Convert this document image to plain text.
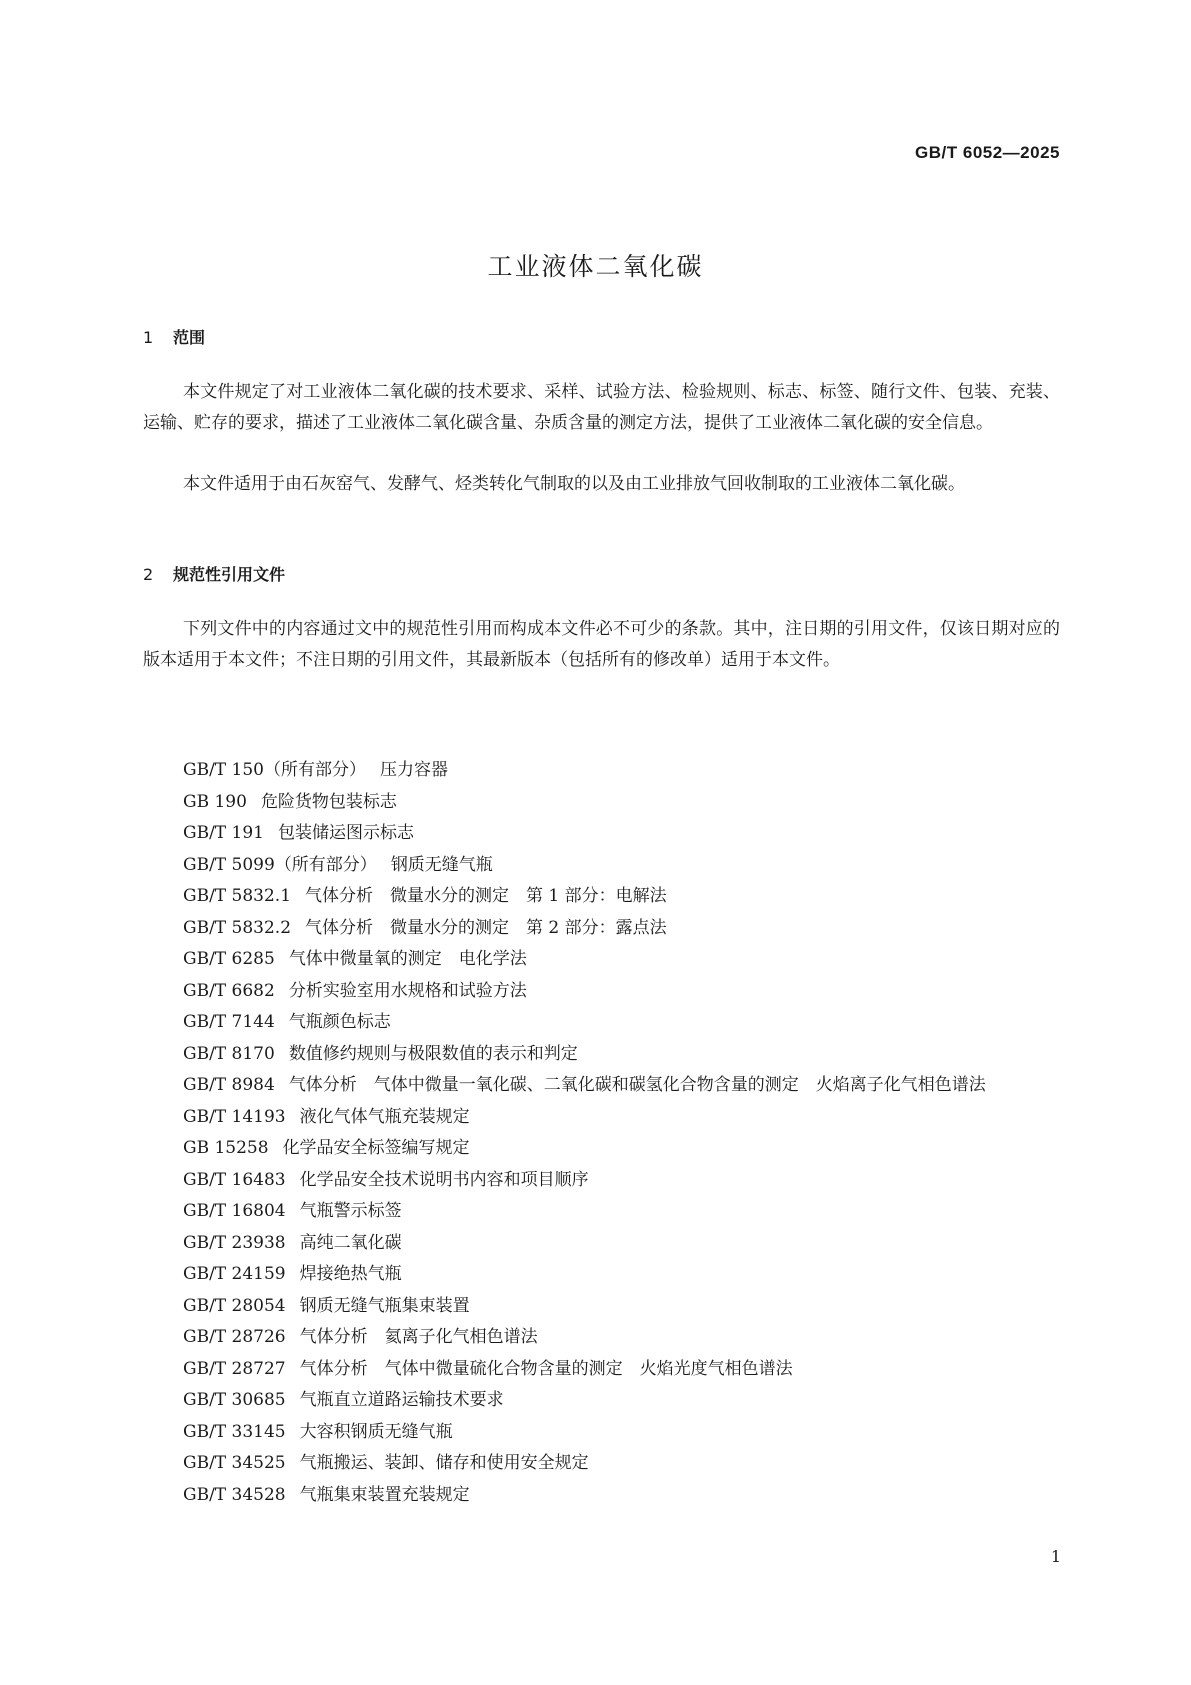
GB/T 6052—2025
工业液体二氧化碳
1 范围

本文件规定了对工业液体二氧化碳的技术要求、采样、试验方法、检验规则、标志、标签、随行文件、包装、充装、运输、贮存的要求，描述了工业液体二氧化碳含量、杂质含量的测定方法，提供了工业液体二氧化碳的安全信息。

本文件适用于由石灰窑气、发酵气、烃类转化气制取的以及由工业排放气回收制取的工业液体二氧化碳。

2 规范性引用文件

下列文件中的内容通过文中的规范性引用而构成本文件必不可少的条款。其中，注日期的引用文件，仅该日期对应的版本适用于本文件；不注日期的引用文件，其最新版本（包括所有的修改单）适用于本文件。

GB/T 150（所有部分） 压力容器
GB 190 危险货物包装标志
GB/T 191 包装储运图示标志
GB/T 5099（所有部分） 钢质无缝气瓶
GB/T 5832.1 气体分析　微量水分的测定　第 1 部分：电解法
GB/T 5832.2 气体分析　微量水分的测定　第 2 部分：露点法
GB/T 6285 气体中微量氧的测定　电化学法
GB/T 6682 分析实验室用水规格和试验方法
GB/T 7144 气瓶颜色标志
GB/T 8170 数值修约规则与极限数值的表示和判定
GB/T 8984 气体分析　气体中微量一氧化碳、二氧化碳和碳氢化合物含量的测定　火焰离子化气相色谱法
GB/T 14193 液化气体气瓶充装规定
GB 15258 化学品安全标签编写规定
GB/T 16483 化学品安全技术说明书内容和项目顺序
GB/T 16804 气瓶警示标签
GB/T 23938 高纯二氧化碳
GB/T 24159 焊接绝热气瓶
GB/T 28054 钢质无缝气瓶集束装置
GB/T 28726 气体分析　氦离子化气相色谱法
GB/T 28727 气体分析　气体中微量硫化合物含量的测定　火焰光度气相色谱法
GB/T 30685 气瓶直立道路运输技术要求
GB/T 33145 大容积钢质无缝气瓶
GB/T 34525 气瓶搬运、装卸、储存和使用安全规定
GB/T 34528 气瓶集束装置充装规定
1
